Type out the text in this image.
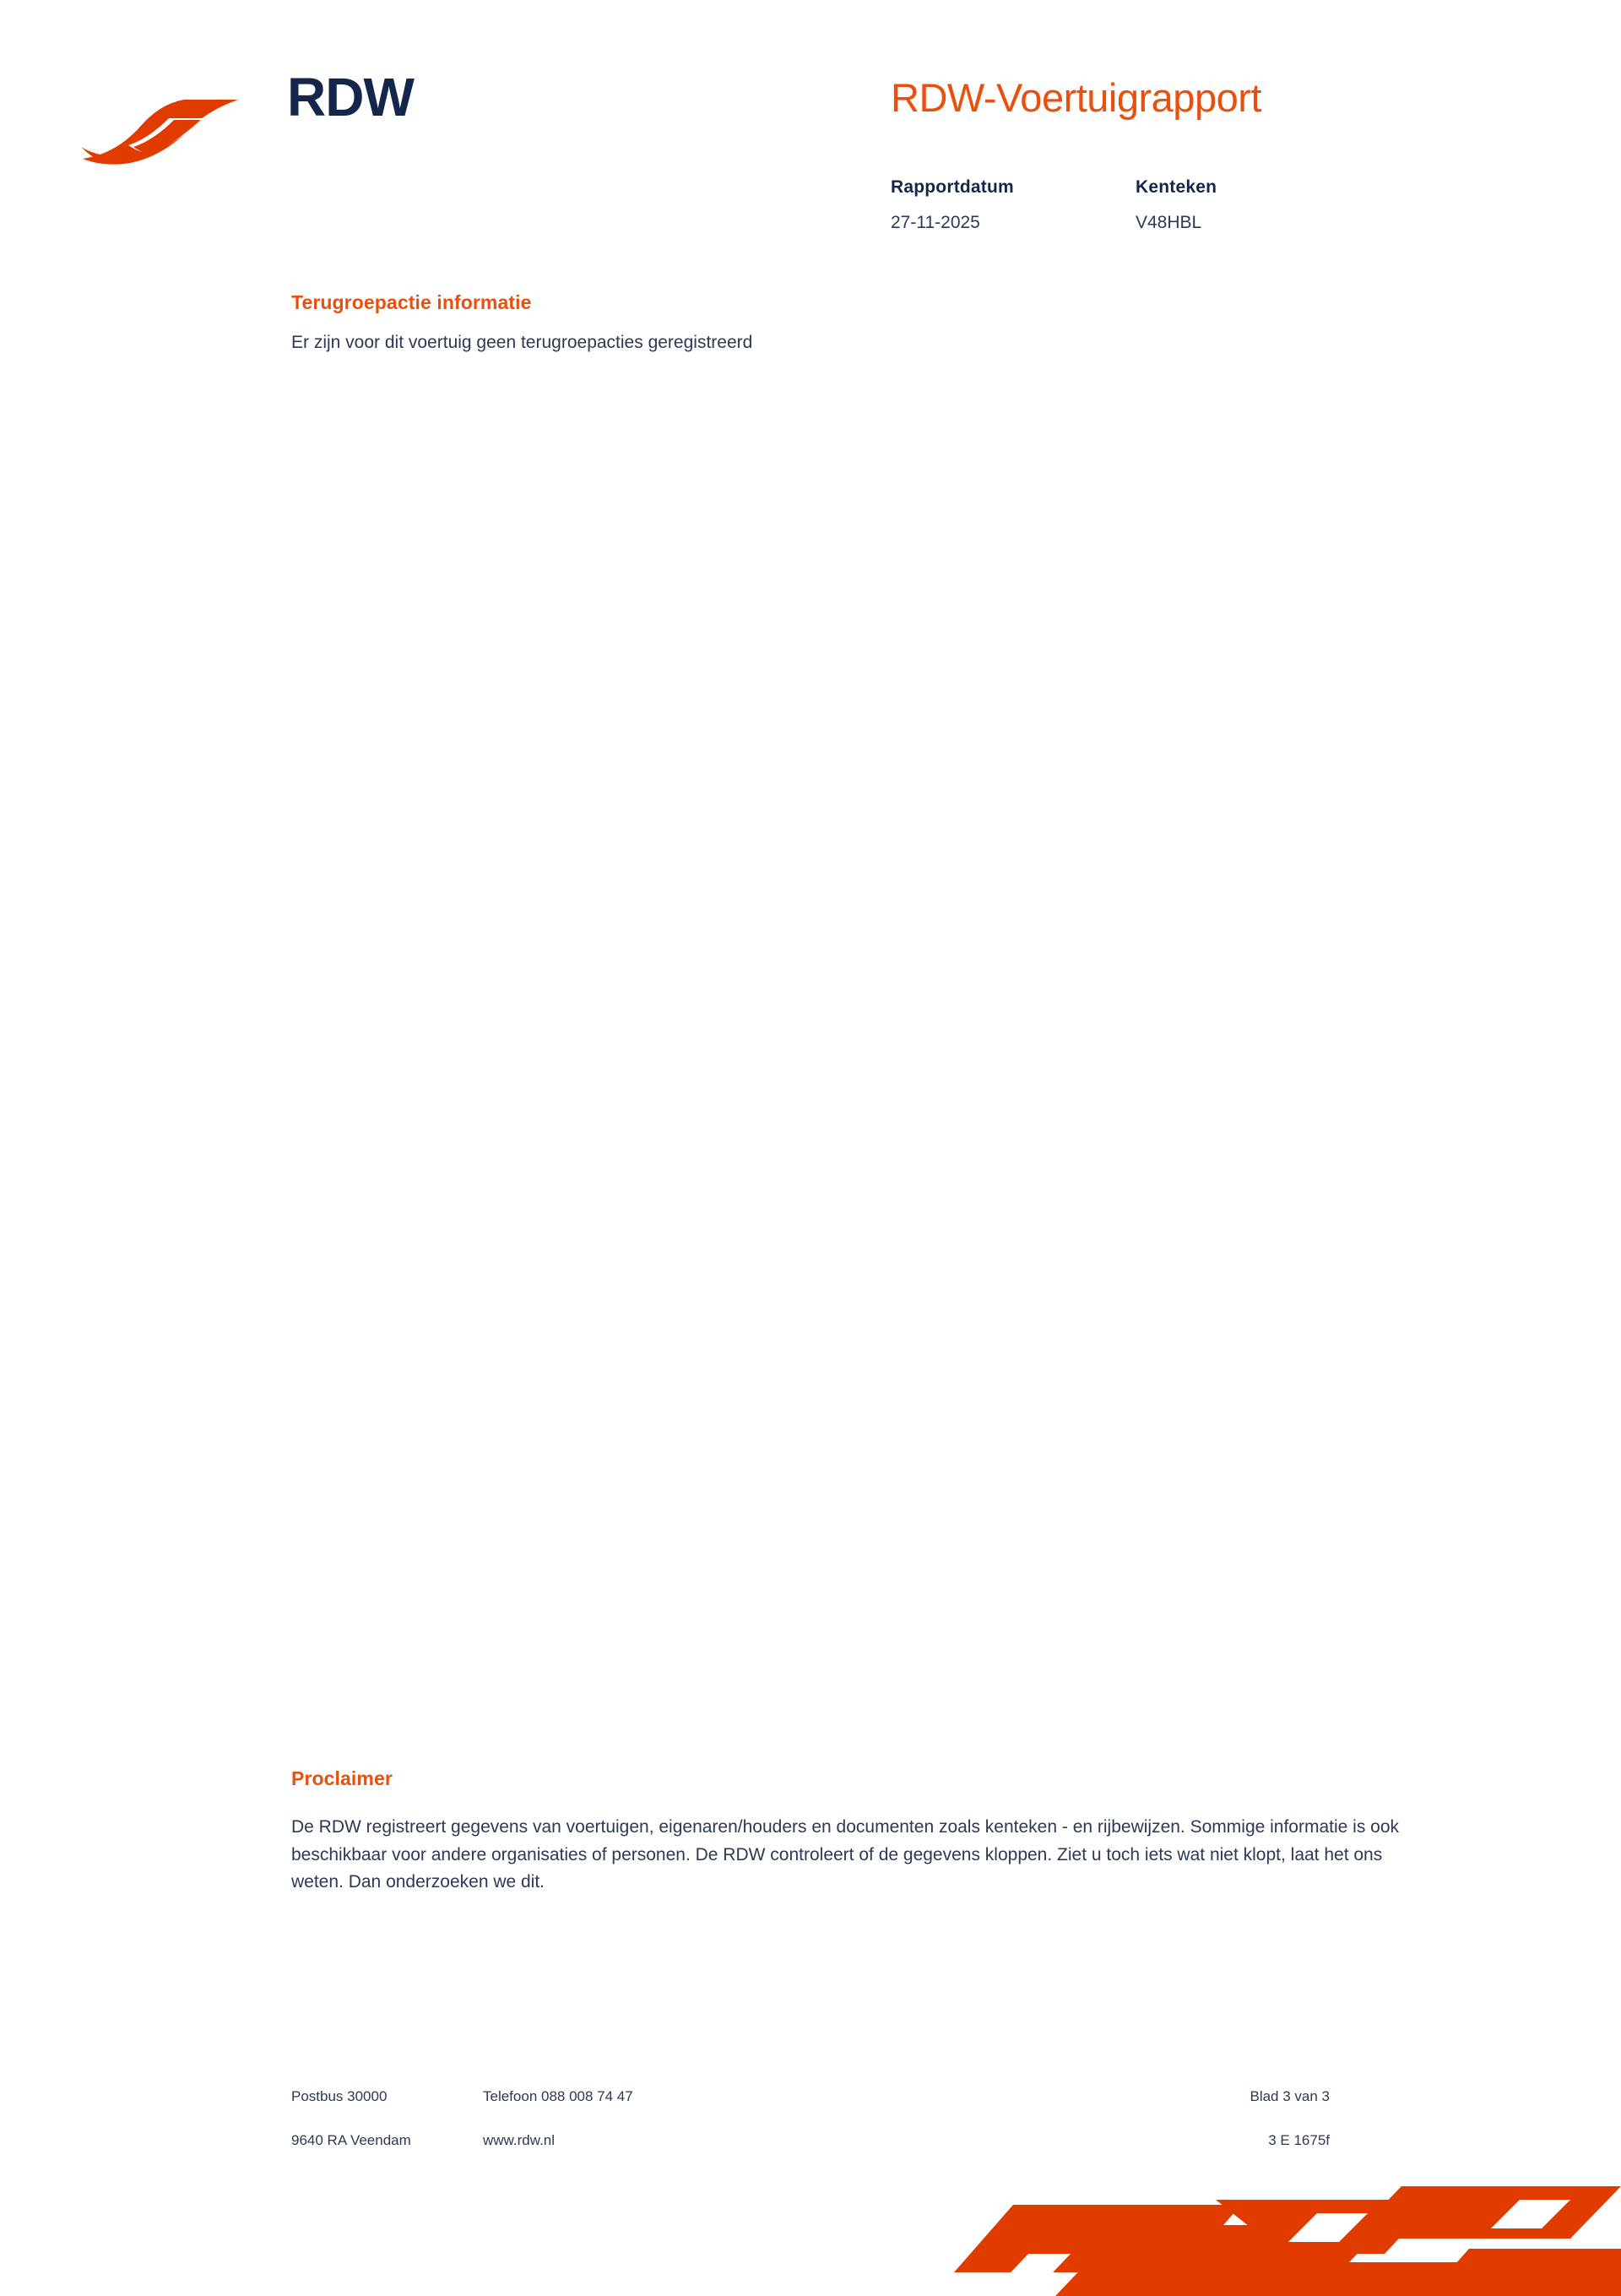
RDW	RDW-Voertuigrapport
Rapportdatum
27-11-2025
Kenteken
V48HBL
Terugroepactie informatie
Er zijn voor dit voertuig geen terugroepacties geregistreerd
Proclaimer
De RDW registreert gegevens van voertuigen, eigenaren/houders en documenten zoals kenteken - en rijbewijzen. Sommige informatie is ook beschikbaar voor andere organisaties of personen. De RDW controleert of de gegevens kloppen. Ziet u toch iets wat niet klopt, laat het ons weten. Dan onderzoeken we dit.
Postbus 30000
9640 RA Veendam
Telefoon 088 008 74 47
www.rdw.nl
Blad 3 van 3
3 E 1675f
